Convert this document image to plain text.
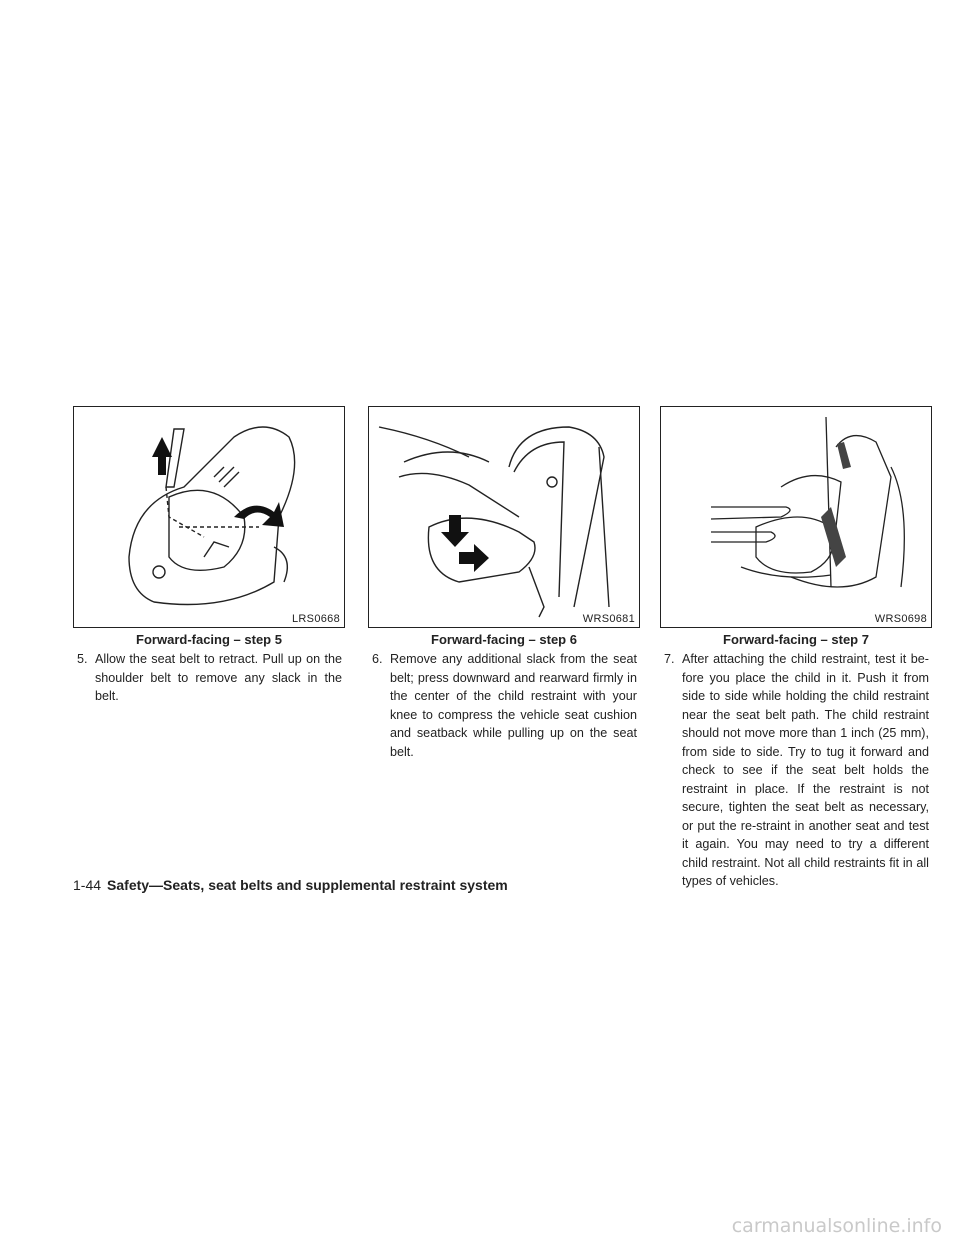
LRS0668
Forward-facing – step 5
5. Allow the seat belt to retract. Pull up on the shoulder belt to remove any slack in the belt.
WRS0681
Forward-facing – step 6
6. Remove any additional slack from the seat belt; press downward and rearward firmly in the center of the child restraint with your knee to compress the vehicle seat cushion and seatback while pulling up on the seat belt.
WRS0698
Forward-facing – step 7
7. After attaching the child restraint, test it be-fore you place the child in it. Push it from side to side while holding the child restraint near the seat belt path. The child restraint should not move more than 1 inch (25 mm), from side to side. Try to tug it forward and check to see if the seat belt holds the restraint in place. If the restraint is not secure, tighten the seat belt as necessary, or put the re-straint in another seat and test it again. You may need to try a different child restraint. Not all child restraints fit in all types of vehicles.
1-44 Safety—Seats, seat belts and supplemental restraint system
carmanualsonline.info
